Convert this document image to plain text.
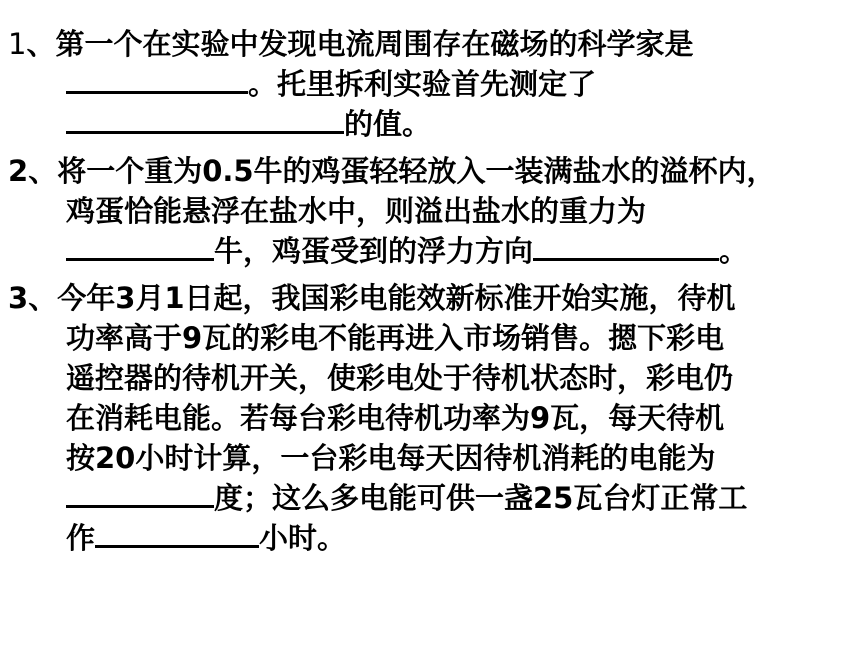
1、第一个在实验中发现电流周围存在磁场的科学家是
。托里拆利实验首先测定了
的值。
2、将一个重为0.5牛的鸡蛋轻轻放入一装满盐水的溢杯内，
鸡蛋恰能悬浮在盐水中，则溢出盐水的重力为
牛，鸡蛋受到的浮力方向	。
3、今年3月1日起，我国彩电能效新标准开始实施，待机
功率高于9瓦的彩电不能再进入市场销售。摁下彩电
遥控器的待机开关，使彩电处于待机状态时，彩电仍
在消耗电能。若每台彩电待机功率为9瓦，每天待机
按20小时计算，一台彩电每天因待机消耗的电能为
度；这么多电能可供一盏25瓦台灯正常工
作	小时。
